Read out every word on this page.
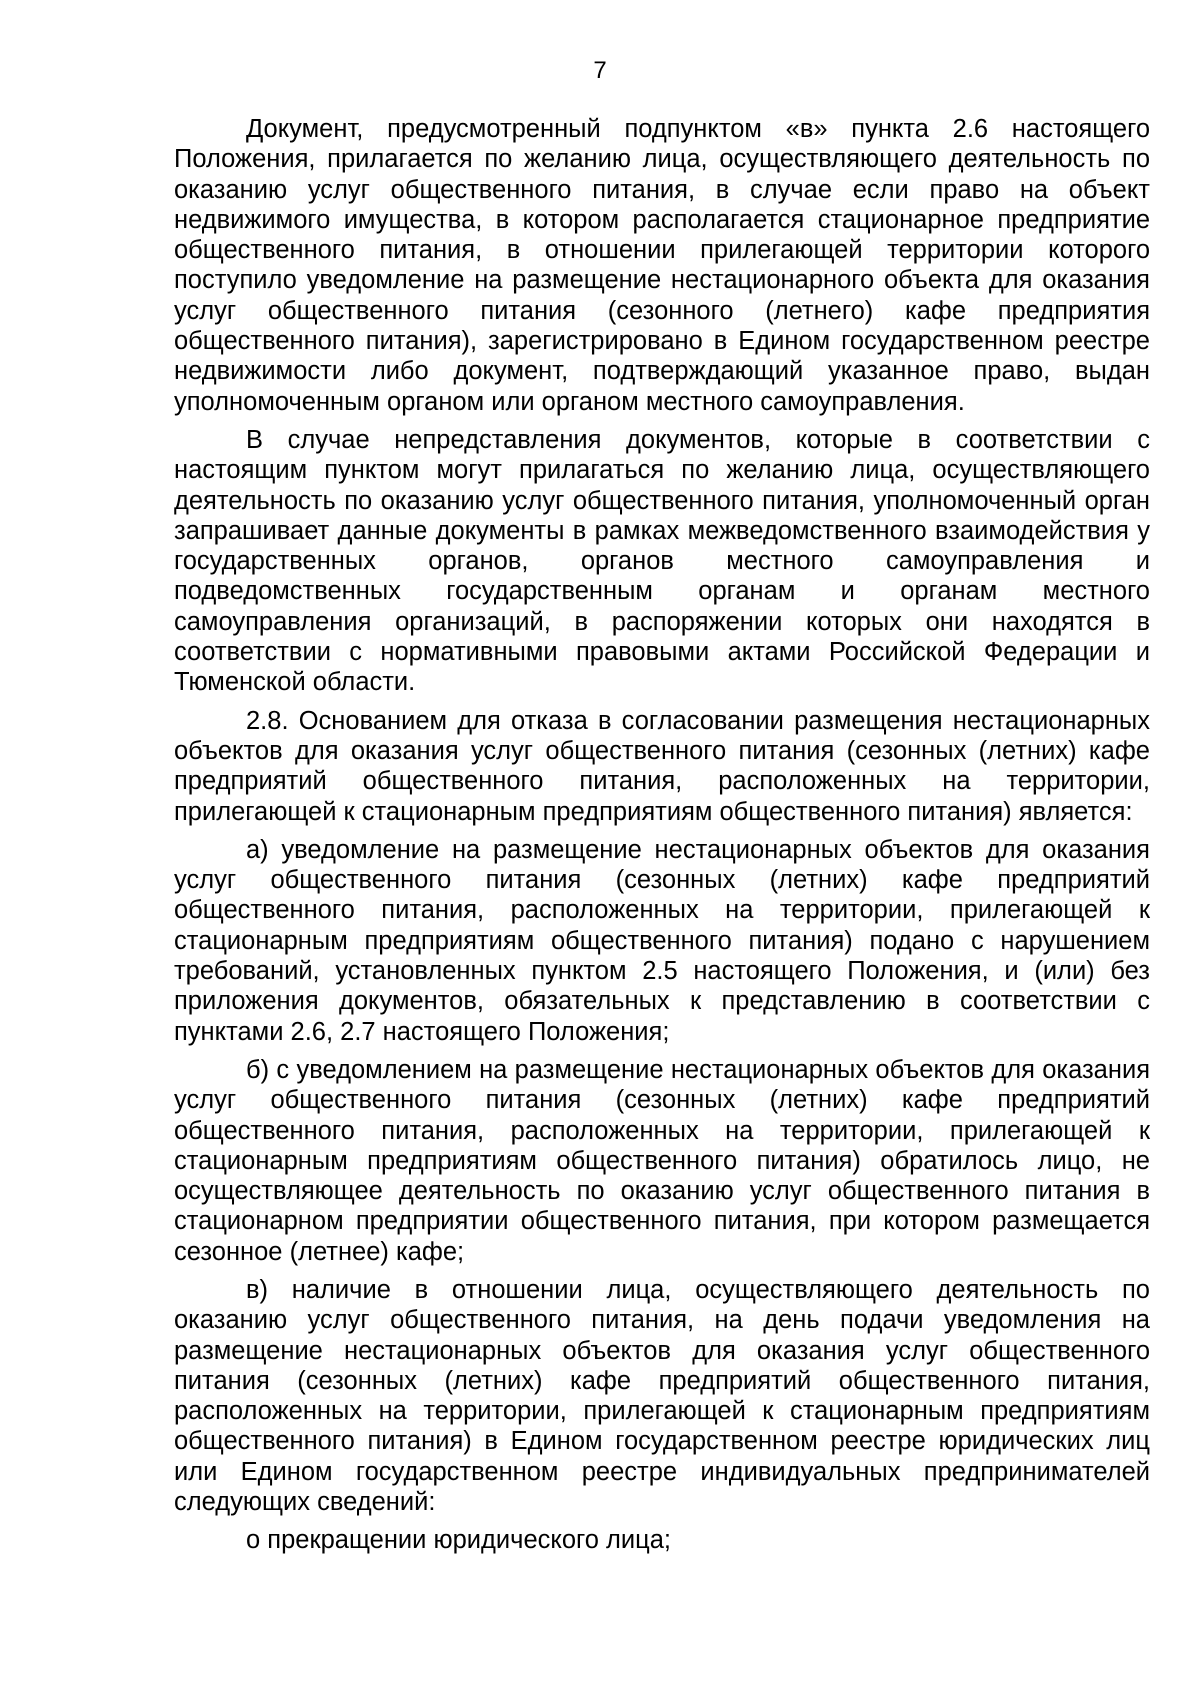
7

Документ, предусмотренный подпунктом «в» пункта 2.6 настоящего Положения, прилагается по желанию лица, осуществляющего деятельность по оказанию услуг общественного питания, в случае если право на объект недвижимого имущества, в котором располагается стационарное предприятие общественного питания, в отношении прилегающей территории которого поступило уведомление на размещение нестационарного объекта для оказания услуг общественного питания (сезонного (летнего) кафе предприятия общественного питания), зарегистрировано в Едином государственном реестре недвижимости либо документ, подтверждающий указанное право, выдан уполномоченным органом или органом местного самоуправления.

В случае непредставления документов, которые в соответствии с настоящим пунктом могут прилагаться по желанию лица, осуществляющего деятельность по оказанию услуг общественного питания, уполномоченный орган запрашивает данные документы в рамках межведомственного взаимодействия у государственных органов, органов местного самоуправления и подведомственных государственным органам и органам местного самоуправления организаций, в распоряжении которых они находятся в соответствии с нормативными правовыми актами Российской Федерации и Тюменской области.

2.8. Основанием для отказа в согласовании размещения нестационарных объектов для оказания услуг общественного питания (сезонных (летних) кафе предприятий общественного питания, расположенных на территории, прилегающей к стационарным предприятиям общественного питания) является:

а) уведомление на размещение нестационарных объектов для оказания услуг общественного питания (сезонных (летних) кафе предприятий общественного питания, расположенных на территории, прилегающей к стационарным предприятиям общественного питания) подано с нарушением требований, установленных пунктом 2.5 настоящего Положения, и (или) без приложения документов, обязательных к представлению в соответствии с пунктами 2.6, 2.7 настоящего Положения;

б) с уведомлением на размещение нестационарных объектов для оказания услуг общественного питания (сезонных (летних) кафе предприятий общественного питания, расположенных на территории, прилегающей к стационарным предприятиям общественного питания) обратилось лицо, не осуществляющее деятельность по оказанию услуг общественного питания в стационарном предприятии общественного питания, при котором размещается сезонное (летнее) кафе;

в) наличие в отношении лица, осуществляющего деятельность по оказанию услуг общественного питания, на день подачи уведомления на размещение нестационарных объектов для оказания услуг общественного питания (сезонных (летних) кафе предприятий общественного питания, расположенных на территории, прилегающей к стационарным предприятиям общественного питания) в Едином государственном реестре юридических лиц или Едином государственном реестре индивидуальных предпринимателей следующих сведений:

о прекращении юридического лица;
